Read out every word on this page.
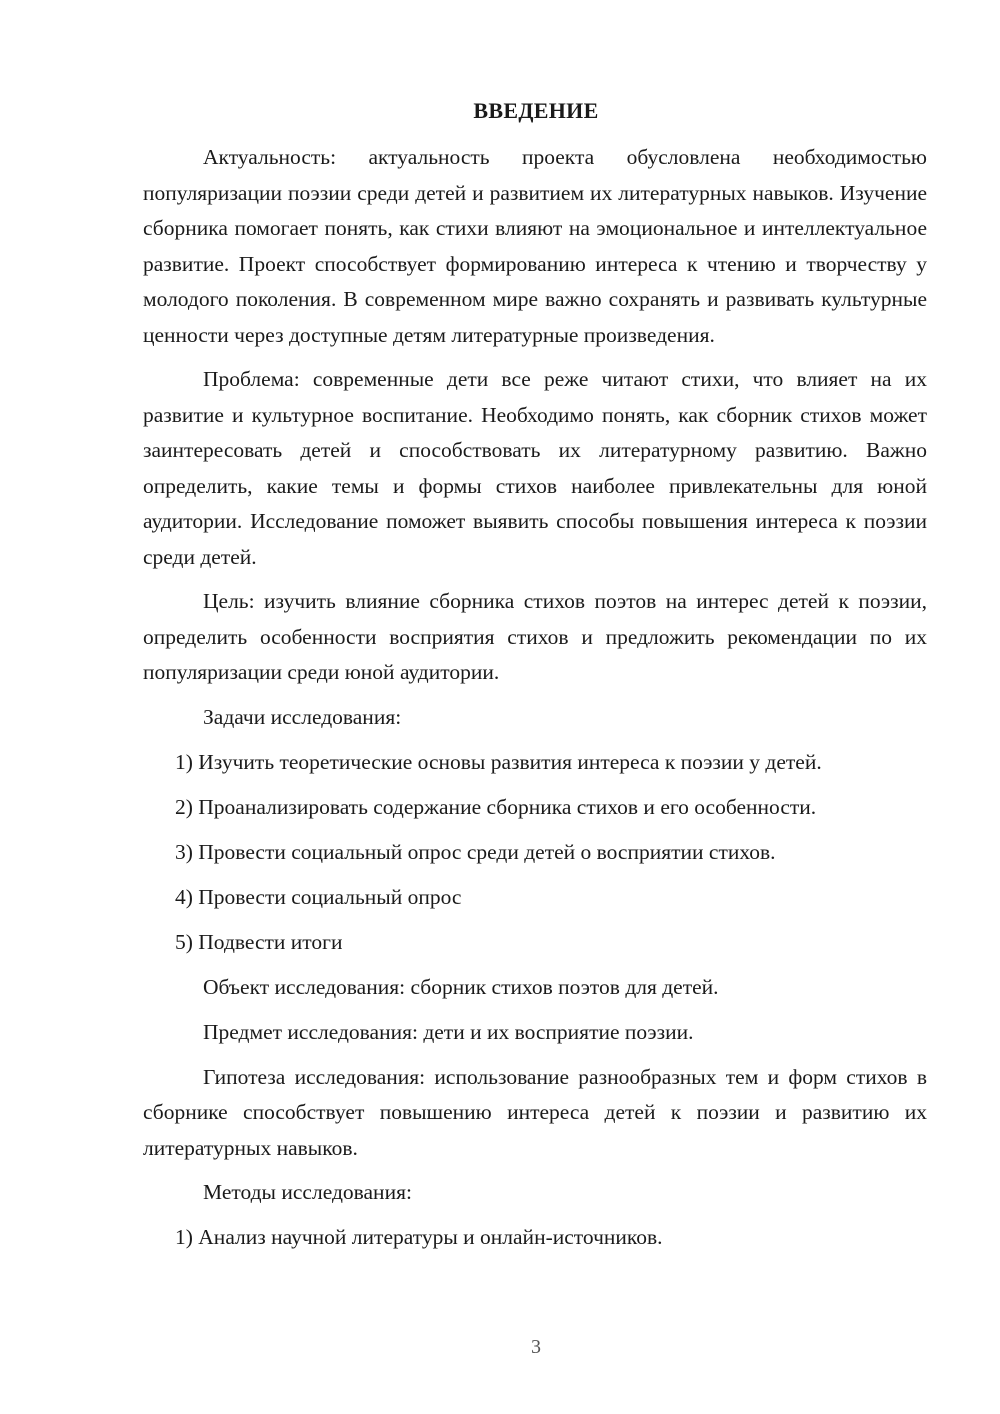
ВВЕДЕНИЕ

Актуальность: актуальность проекта обусловлена необходимостью популяризации поэзии среди детей и развитием их литературных навыков. Изучение сборника помогает понять, как стихи влияют на эмоциональное и интеллектуальное развитие. Проект способствует формированию интереса к чтению и творчеству у молодого поколения. В современном мире важно сохранять и развивать культурные ценности через доступные детям литературные произведения.

Проблема: современные дети все реже читают стихи, что влияет на их развитие и культурное воспитание. Необходимо понять, как сборник стихов может заинтересовать детей и способствовать их литературному развитию. Важно определить, какие темы и формы стихов наиболее привлекательны для юной аудитории. Исследование поможет выявить способы повышения интереса к поэзии среди детей.

Цель: изучить влияние сборника стихов поэтов на интерес детей к поэзии, определить особенности восприятия стихов и предложить рекомендации по их популяризации среди юной аудитории.

Задачи исследования:
1) Изучить теоретические основы развития интереса к поэзии у детей.
2) Проанализировать содержание сборника стихов и его особенности.
3) Провести социальный опрос среди детей о восприятии стихов.
4) Провести социальный опрос
5) Подвести итоги
Объект исследования: сборник стихов поэтов для детей.
Предмет исследования: дети и их восприятие поэзии.

Гипотеза исследования: использование разнообразных тем и форм стихов в сборнике способствует повышению интереса детей к поэзии и развитию их литературных навыков.

Методы исследования:
1) Анализ научной литературы и онлайн-источников.
3
